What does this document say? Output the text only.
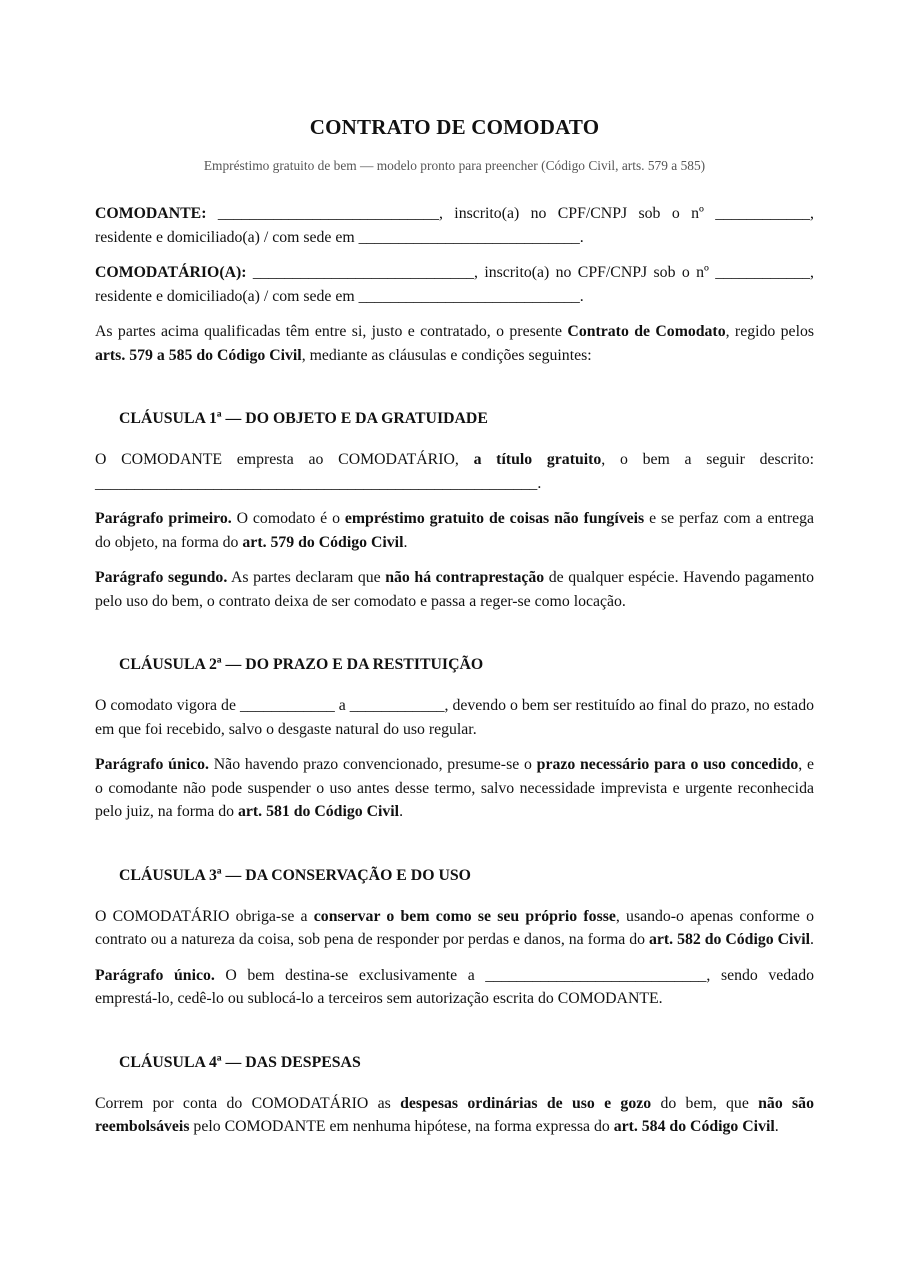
CONTRATO DE COMODATO
Empréstimo gratuito de bem — modelo pronto para preencher (Código Civil, arts. 579 a 585)

COMODANTE: ____________________________, inscrito(a) no CPF/CNPJ sob o nº ____________, residente e domiciliado(a) / com sede em ____________________________.

COMODATÁRIO(A): ____________________________, inscrito(a) no CPF/CNPJ sob o nº ____________, residente e domiciliado(a) / com sede em ____________________________.

As partes acima qualificadas têm entre si, justo e contratado, o presente Contrato de Comodato, regido pelos arts. 579 a 585 do Código Civil, mediante as cláusulas e condições seguintes:

CLÁUSULA 1ª — DO OBJETO E DA GRATUIDADE

O COMODANTE empresta ao COMODATÁRIO, a título gratuito, o bem a seguir descrito: ________________________________________________________.

Parágrafo primeiro. O comodato é o empréstimo gratuito de coisas não fungíveis e se perfaz com a entrega do objeto, na forma do art. 579 do Código Civil.

Parágrafo segundo. As partes declaram que não há contraprestação de qualquer espécie. Havendo pagamento pelo uso do bem, o contrato deixa de ser comodato e passa a reger-se como locação.

CLÁUSULA 2ª — DO PRAZO E DA RESTITUIÇÃO

O comodato vigora de ____________ a ____________, devendo o bem ser restituído ao final do prazo, no estado em que foi recebido, salvo o desgaste natural do uso regular.

Parágrafo único. Não havendo prazo convencionado, presume-se o prazo necessário para o uso concedido, e o comodante não pode suspender o uso antes desse termo, salvo necessidade imprevista e urgente reconhecida pelo juiz, na forma do art. 581 do Código Civil.

CLÁUSULA 3ª — DA CONSERVAÇÃO E DO USO

O COMODATÁRIO obriga-se a conservar o bem como se seu próprio fosse, usando-o apenas conforme o contrato ou a natureza da coisa, sob pena de responder por perdas e danos, na forma do art. 582 do Código Civil.

Parágrafo único. O bem destina-se exclusivamente a ____________________________, sendo vedado emprestá-lo, cedê-lo ou sublocá-lo a terceiros sem autorização escrita do COMODANTE.

CLÁUSULA 4ª — DAS DESPESAS

Correm por conta do COMODATÁRIO as despesas ordinárias de uso e gozo do bem, que não são reembolsáveis pelo COMODANTE em nenhuma hipótese, na forma expressa do art. 584 do Código Civil.
